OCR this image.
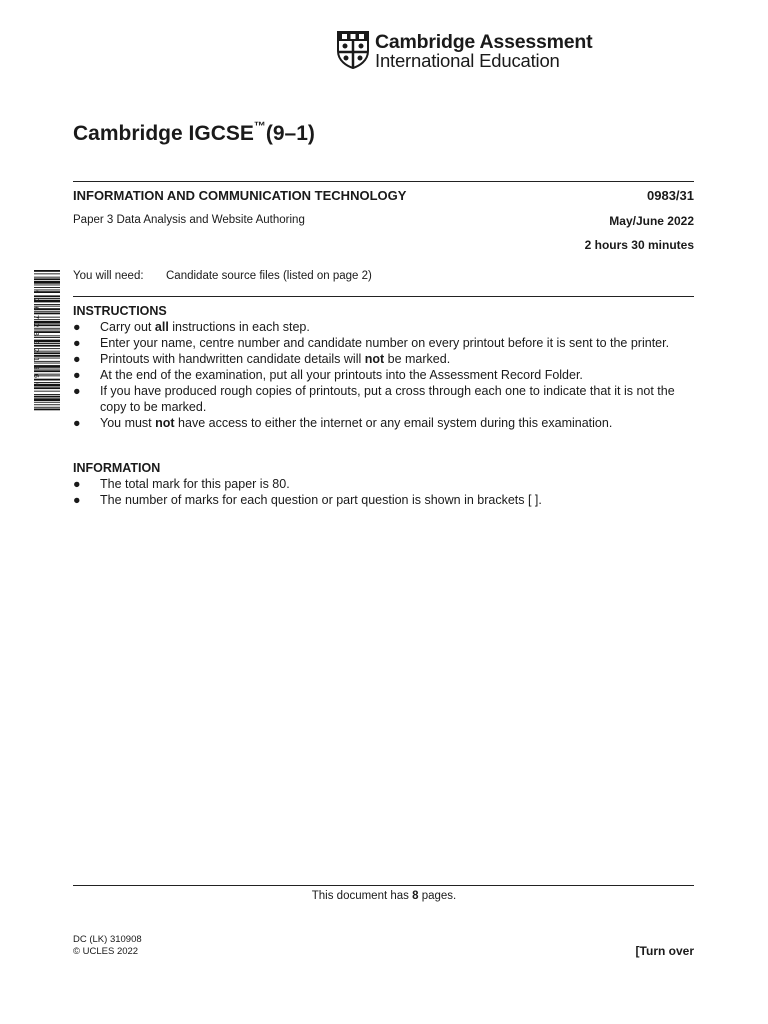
Cambridge Assessment
International Education
Cambridge IGCSE™(9–1)
INFORMATION AND COMMUNICATION TECHNOLOGY	0983/31
Paper 3 Data Analysis and Website Authoring	May/June 2022
2 hours 30 minutes
You will need: Candidate source files (listed on page 2)
* 2 6 7 2 8 0 2 1 9 6 *	INSTRUCTIONS
● Carry out all instructions in each step.
● Enter your name, centre number and candidate number on every printout before it is sent to the printer.
● Printouts with handwritten candidate details will not be marked.
● At the end of the examination, put all your printouts into the Assessment Record Folder.
● If you have produced rough copies of printouts, put a cross through each one to indicate that it is not the copy to be marked.
● You must not have access to either the internet or any email system during this examination.
INFORMATION
● The total mark for this paper is 80.
● The number of marks for each question or part question is shown in brackets [ ].
This document has 8 pages.
DC (LK) 310908
© UCLES 2022	[Turn over
